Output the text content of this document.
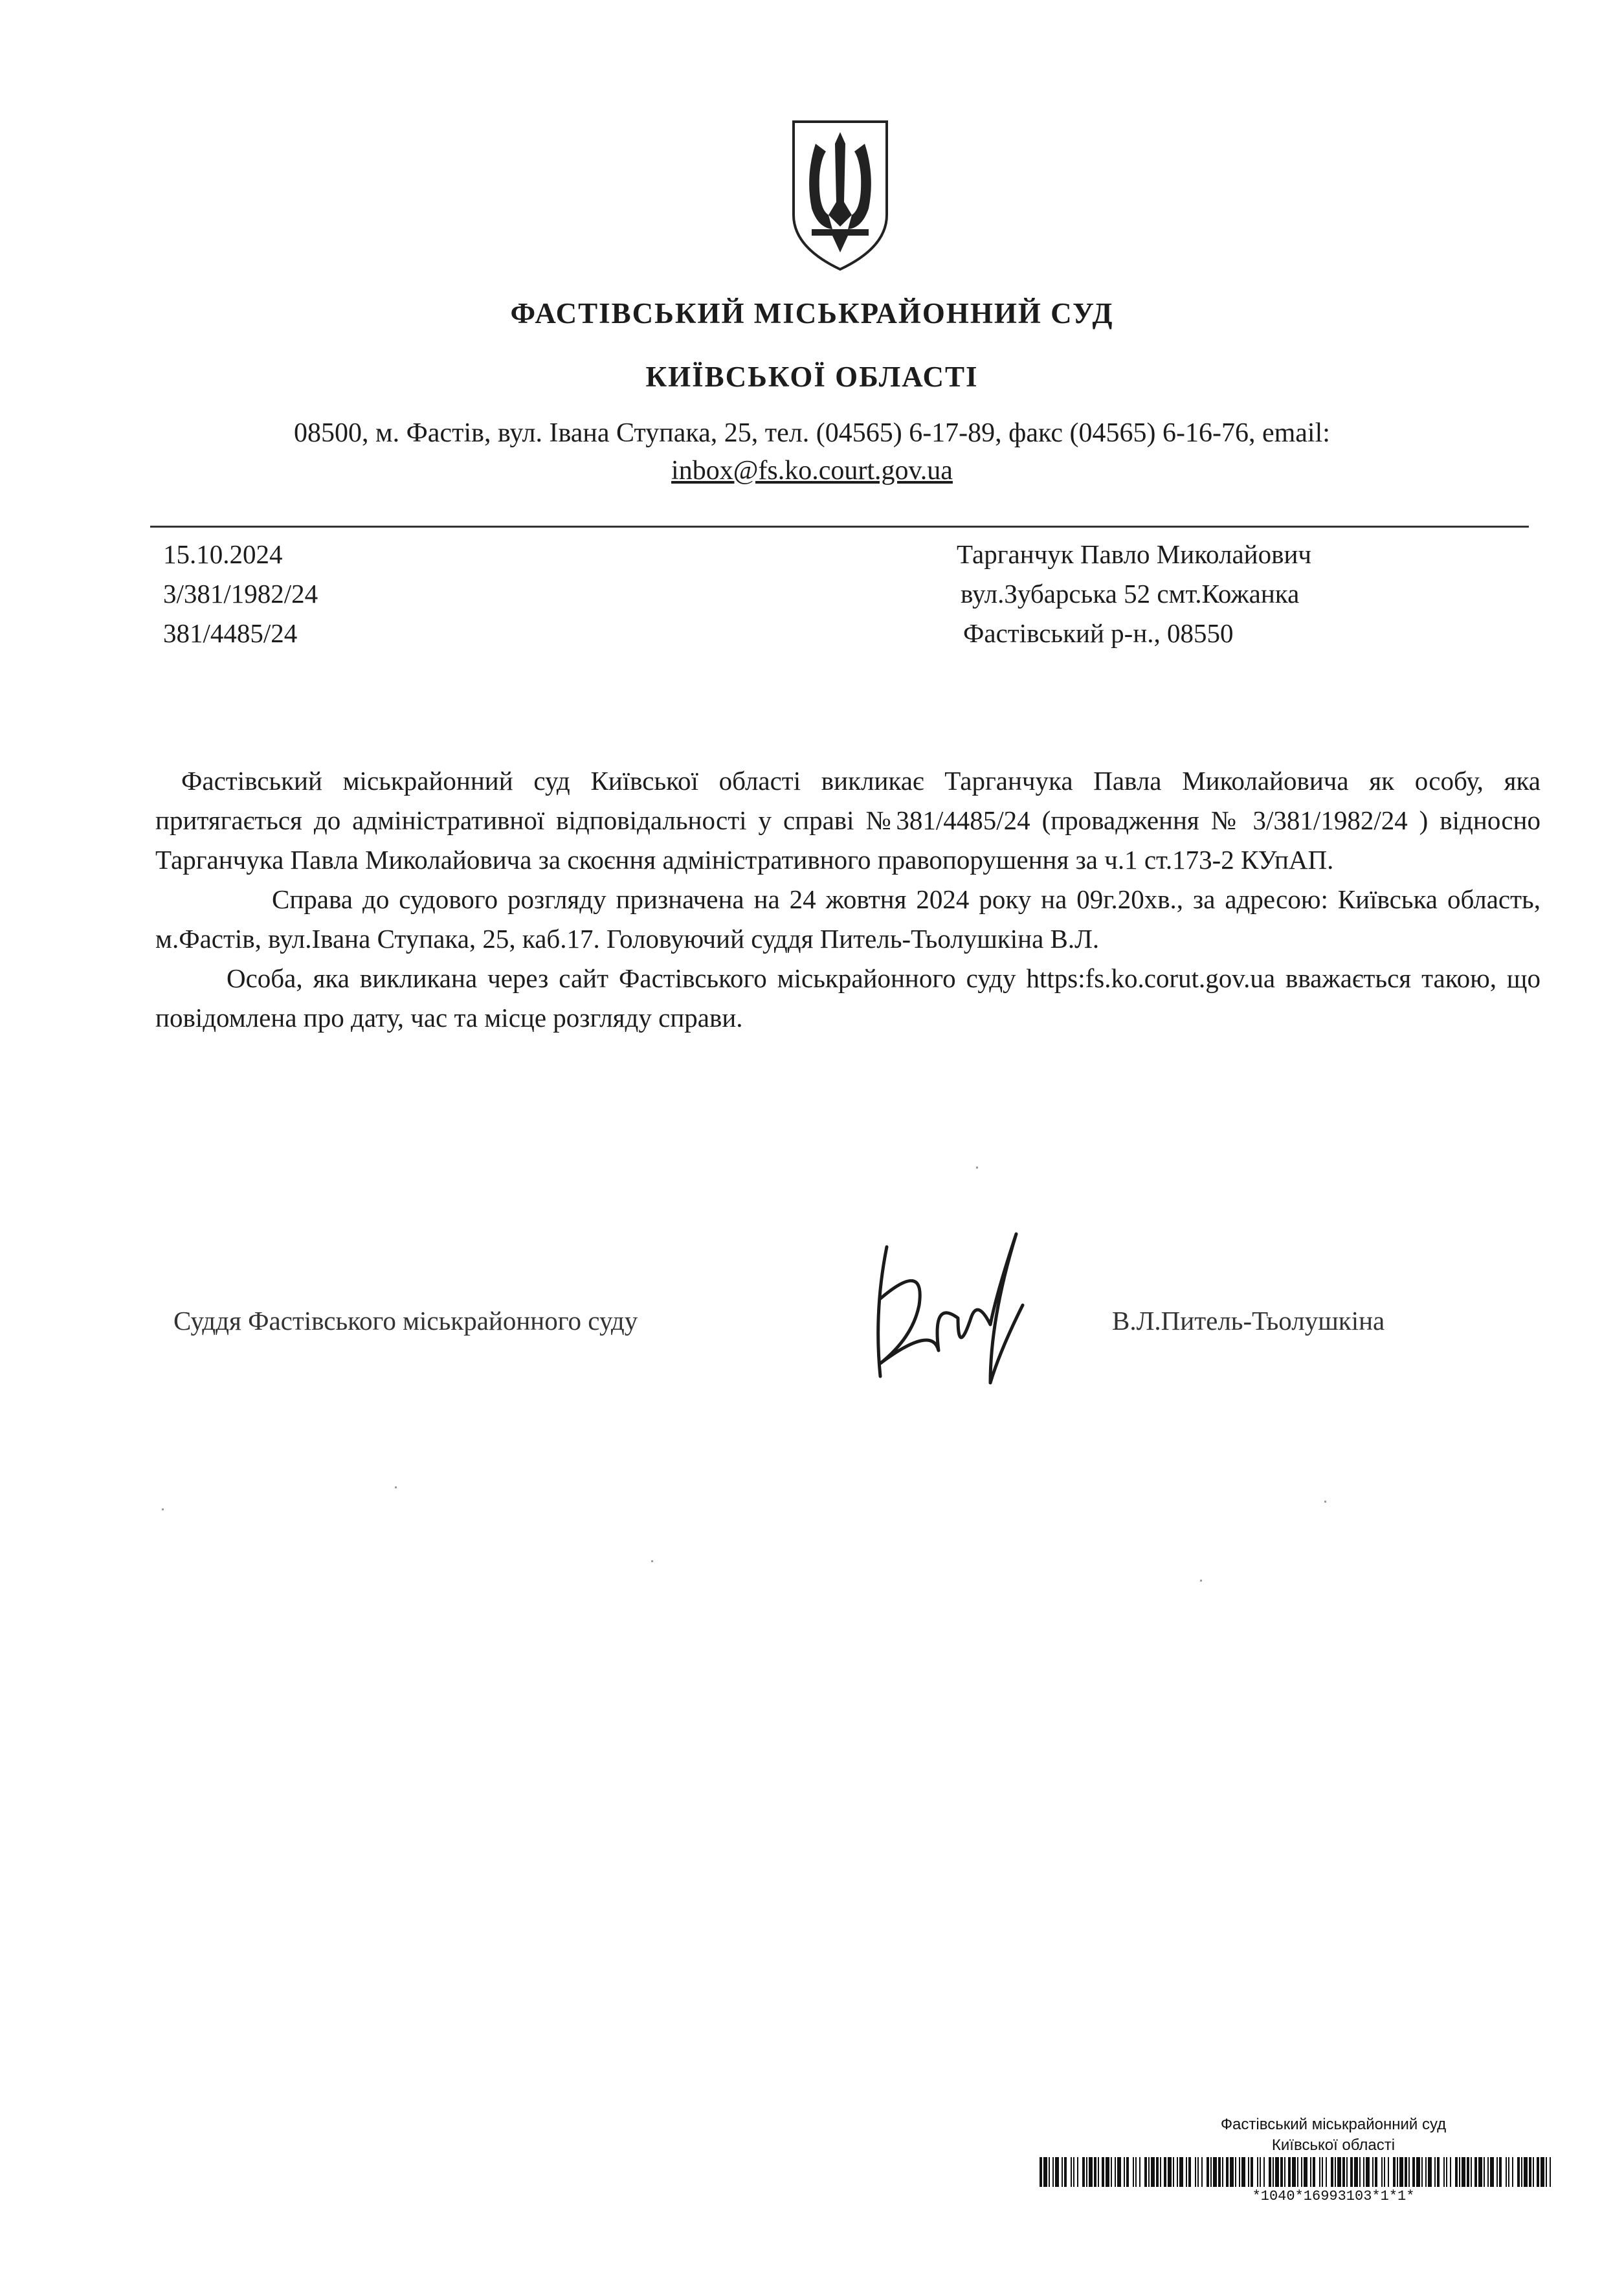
ФАСТІВСЬКИЙ МІСЬКРАЙОННИЙ СУД
КИЇВСЬКОЇ ОБЛАСТІ
08500, м. Фастів, вул. Івана Ступака, 25, тел. (04565) 6-17-89, факс (04565) 6-16-76, email:
inbox@fs.ko.court.gov.ua
15.10.2024
3/381/1982/24
381/4485/24
Тарганчук Павло Миколайович
вул.Зубарська 52 смт.Кожанка
Фастівський р-н., 08550

Фастівський міськрайонний суд Київської області викликає Тарганчука Павла Миколайовича як особу, яка притягається до адміністративної відповідальності у справі №381/4485/24 (провадження № 3/381/1982/24 ) відносно Тарганчука Павла Миколайовича за скоєння адміністративного правопорушення за ч.1 ст.173-2 КУпАП.

Справа до судового розгляду призначена на 24 жовтня 2024 року на 09г.20хв., за адресою: Київська область, м.Фастів, вул.Івана Ступака, 25, каб.17. Головуючий суддя Питель-Тьолушкіна В.Л.

Особа, яка викликана через сайт Фастівського міськрайонного суду https:fs.ko.corut.gov.ua вважається такою, що повідомлена про дату, час та місце розгляду справи.

Суддя Фастівського міськрайонного суду	В.Л.Питель-Тьолушкіна
Фастівський міськрайонний суд
Київської області
*1040*16993103*1*1*
